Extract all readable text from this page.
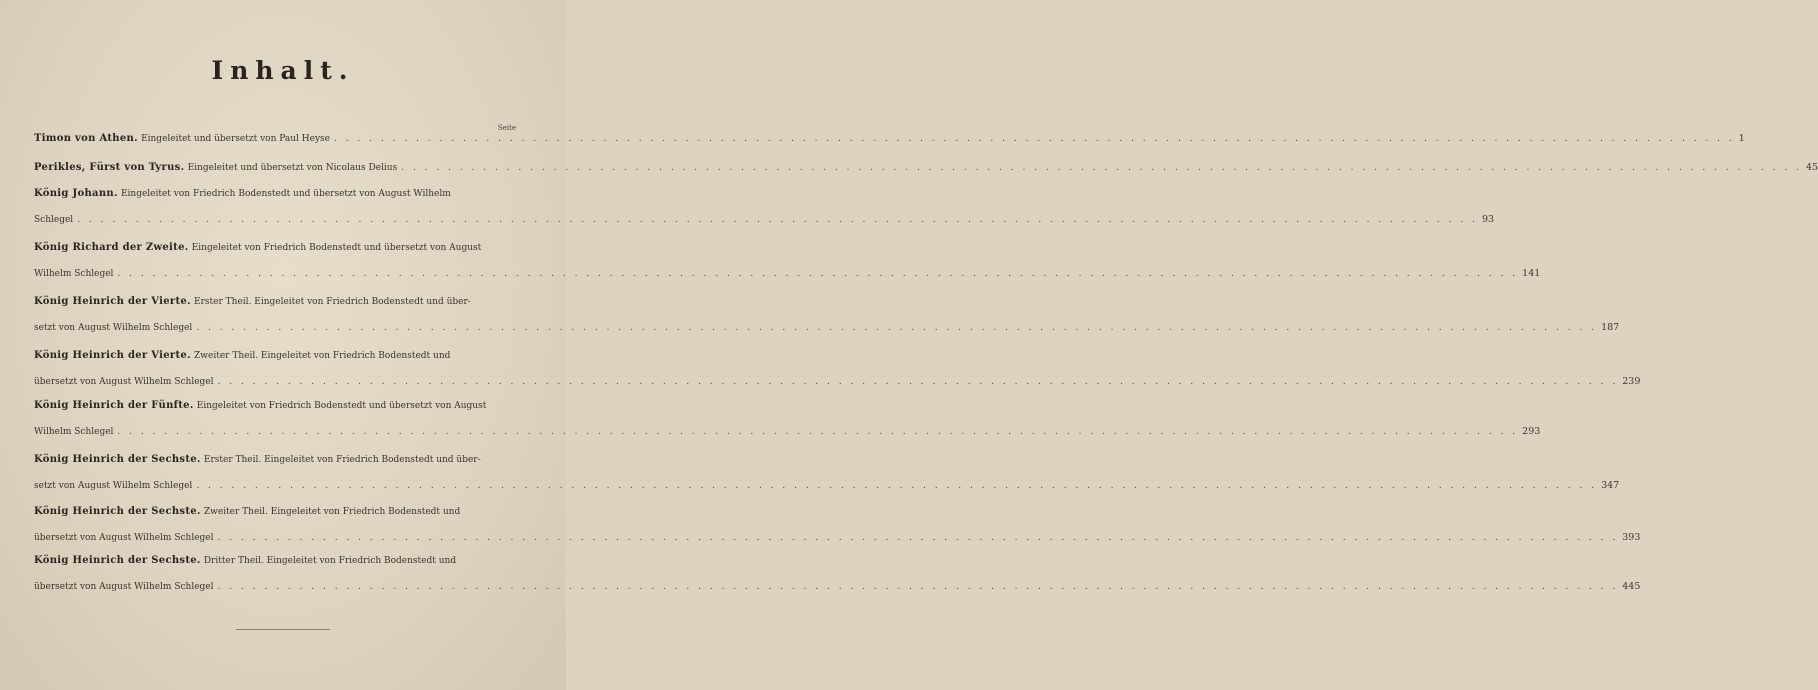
Inhalt.
Seite
Timon von Athen. Eingeleitet und übersetzt von Paul Heyse . . . . . . . . . . . . . . . . . . . . . . . . . . . . . . . . . . . . . . . . . . . . . . . . . . . . . . . . . . . . . . . . . . . . . . . . . . . . . . . . . . . . . . . . . . . . . . . . . . . . . . . . . . . . . . . . . . . . . . . . 1
Perikles, Fürst von Tyrus. Eingeleitet und übersetzt von Nicolaus Delius . . . . . . . . . . . . . . . . . . . . . . . . . . . . . . . . . . . . . . . . . . . . . . . . . . . . . . . . . . . . . . . . . . . . . . . . . . . . . . . . . . . . . . . . . . . . . . . . . . . . . . . . . . . . . . . . . . . . . . . . 45
König Johann. Eingeleitet von Friedrich Bodenstedt und übersetzt von August Wilhelm
Schlegel . . . . . . . . . . . . . . . . . . . . . . . . . . . . . . . . . . . . . . . . . . . . . . . . . . . . . . . . . . . . . . . . . . . . . . . . . . . . . . . . . . . . . . . . . . . . . . . . . . . . . . . . . . . . . . . . . . . . . . . . 93
König Richard der Zweite. Eingeleitet von Friedrich Bodenstedt und übersetzt von August
Wilhelm Schlegel . . . . . . . . . . . . . . . . . . . . . . . . . . . . . . . . . . . . . . . . . . . . . . . . . . . . . . . . . . . . . . . . . . . . . . . . . . . . . . . . . . . . . . . . . . . . . . . . . . . . . . . . . . . . . . . . . . . . . . . . 141
König Heinrich der Vierte. Erster Theil. Eingeleitet von Friedrich Bodenstedt und über-
setzt von August Wilhelm Schlegel . . . . . . . . . . . . . . . . . . . . . . . . . . . . . . . . . . . . . . . . . . . . . . . . . . . . . . . . . . . . . . . . . . . . . . . . . . . . . . . . . . . . . . . . . . . . . . . . . . . . . . . . . . . . . . . . . . . . . . . . 187
König Heinrich der Vierte. Zweiter Theil. Eingeleitet von Friedrich Bodenstedt und
übersetzt von August Wilhelm Schlegel . . . . . . . . . . . . . . . . . . . . . . . . . . . . . . . . . . . . . . . . . . . . . . . . . . . . . . . . . . . . . . . . . . . . . . . . . . . . . . . . . . . . . . . . . . . . . . . . . . . . . . . . . . . . . . . . . . . . . . . . 239
König Heinrich der Fünfte. Eingeleitet von Friedrich Bodenstedt und übersetzt von August
Wilhelm Schlegel . . . . . . . . . . . . . . . . . . . . . . . . . . . . . . . . . . . . . . . . . . . . . . . . . . . . . . . . . . . . . . . . . . . . . . . . . . . . . . . . . . . . . . . . . . . . . . . . . . . . . . . . . . . . . . . . . . . . . . . . 293
König Heinrich der Sechste. Erster Theil. Eingeleitet von Friedrich Bodenstedt und über-
setzt von August Wilhelm Schlegel . . . . . . . . . . . . . . . . . . . . . . . . . . . . . . . . . . . . . . . . . . . . . . . . . . . . . . . . . . . . . . . . . . . . . . . . . . . . . . . . . . . . . . . . . . . . . . . . . . . . . . . . . . . . . . . . . . . . . . . . 347
König Heinrich der Sechste. Zweiter Theil. Eingeleitet von Friedrich Bodenstedt und
übersetzt von August Wilhelm Schlegel . . . . . . . . . . . . . . . . . . . . . . . . . . . . . . . . . . . . . . . . . . . . . . . . . . . . . . . . . . . . . . . . . . . . . . . . . . . . . . . . . . . . . . . . . . . . . . . . . . . . . . . . . . . . . . . . . . . . . . . . 393
König Heinrich der Sechste. Dritter Theil. Eingeleitet von Friedrich Bodenstedt und
übersetzt von August Wilhelm Schlegel . . . . . . . . . . . . . . . . . . . . . . . . . . . . . . . . . . . . . . . . . . . . . . . . . . . . . . . . . . . . . . . . . . . . . . . . . . . . . . . . . . . . . . . . . . . . . . . . . . . . . . . . . . . . . . . . . . . . . . . . 445
